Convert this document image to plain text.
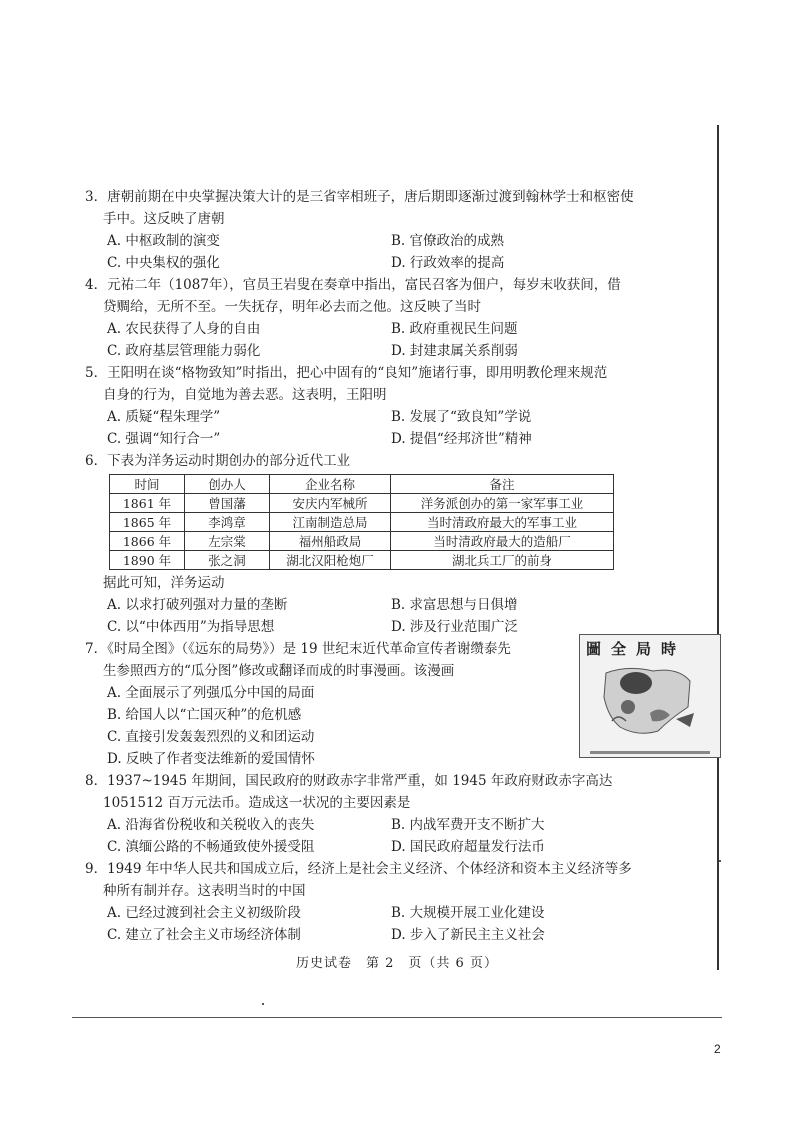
3．唐朝前期在中央掌握决策大计的是三省宰相班子，唐后期即逐渐过渡到翰林学士和枢密使
手中。这反映了唐朝
A. 中枢政制的演变	B. 官僚政治的成熟
C. 中央集权的强化	D. 行政效率的提高
4．元祐二年（1087年），官员王岩叟在奏章中指出，富民召客为佃户，每岁末收获间，借
贷赒给，无所不至。一失抚存，明年必去而之他。这反映了当时
A. 农民获得了人身的自由	B. 政府重视民生问题
C. 政府基层管理能力弱化	D. 封建隶属关系削弱
5．王阳明在谈“格物致知”时指出，把心中固有的“良知”施诸行事，即用明教伦理来规范
自身的行为，自觉地为善去恶。这表明，王阳明
A. 质疑“程朱理学”	B. 发展了“致良知”学说
C. 强调“知行合一”	D. 提倡“经邦济世”精神
6．下表为洋务运动时期创办的部分近代工业
时间	创办人	企业名称	备注
1861 年	曾国藩	安庆内军械所	洋务派创办的第一家军事工业
1865 年	李鸿章	江南制造总局	当时清政府最大的军事工业
1866 年	左宗棠	福州船政局	当时清政府最大的造船厂
1890 年	张之洞	湖北汉阳枪炮厂	湖北兵工厂的前身
据此可知，洋务运动
A. 以求打破列强对力量的垄断	B. 求富思想与日俱增
C. 以“中体西用”为指导思想	D. 涉及行业范围广泛
7．《时局全图》（《远东的局势》）是 19 世纪末近代革命宣传者谢缵泰先
生参照西方的“瓜分图”修改或翻译而成的时事漫画。该漫画
A. 全面展示了列强瓜分中国的局面
B. 给国人以“亡国灭种”的危机感
C. 直接引发轰轰烈烈的义和团运动
D. 反映了作者变法维新的爱国情怀
圖全局時
8．1937~1945 年期间，国民政府的财政赤字非常严重，如 1945 年政府财政赤字高达
1051512 百万元法币。造成这一状况的主要因素是
A. 沿海省份税收和关税收入的丧失	B. 内战军费开支不断扩大
C. 滇缅公路的不畅通致使外援受阻	D. 国民政府超量发行法币
9．1949 年中华人民共和国成立后，经济上是社会主义经济、个体经济和资本主义经济等多
种所有制并存。这表明当时的中国
A. 已经过渡到社会主义初级阶段	B. 大规模开展工业化建设
C. 建立了社会主义市场经济体制	D. 步入了新民主主义社会
历史试卷　第 2　页（共 6 页）
2
